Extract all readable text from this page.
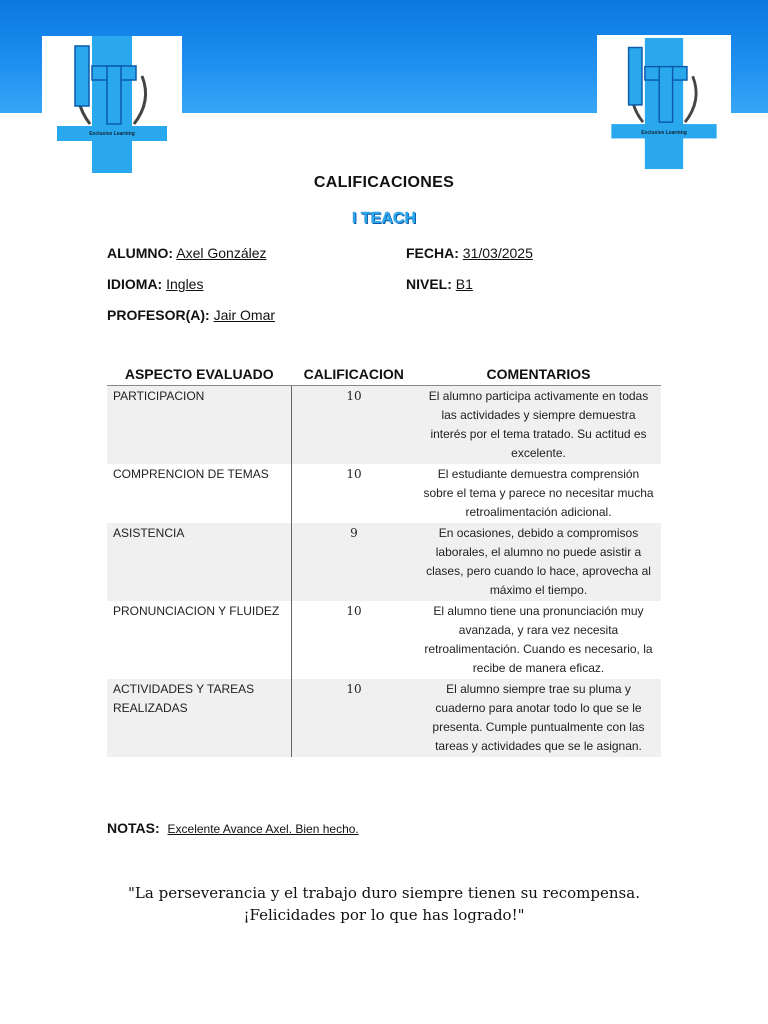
Exclusive Learning	Exclusive Learning
CALIFICACIONES
I TEACH
ALUMNO: Axel González	FECHA: 31/03/2025
IDIOMA: Ingles	NIVEL: B1
PROFESOR(A): Jair Omar
ASPECTO EVALUADO	CALIFICACION	COMENTARIOS
PARTICIPACION	10	El alumno participa activamente en todas las actividades y siempre demuestra interés por el tema tratado. Su actitud es excelente.
COMPRENCION DE TEMAS	10	El estudiante demuestra comprensión sobre el tema y parece no necesitar mucha retroalimentación adicional.
ASISTENCIA	9	En ocasiones, debido a compromisos laborales, el alumno no puede asistir a clases, pero cuando lo hace, aprovecha al máximo el tiempo.
PRONUNCIACION Y FLUIDEZ	10	El alumno tiene una pronunciación muy avanzada, y rara vez necesita retroalimentación. Cuando es necesario, la recibe de manera eficaz.
ACTIVIDADES Y TAREAS REALIZADAS	10	El alumno siempre trae su pluma y cuaderno para anotar todo lo que se le presenta. Cumple puntualmente con las tareas y actividades que se le asignan.
NOTAS: Excelente Avance Axel. Bien hecho.
"La perseverancia y el trabajo duro siempre tienen su recompensa.
¡Felicidades por lo que has logrado!"
